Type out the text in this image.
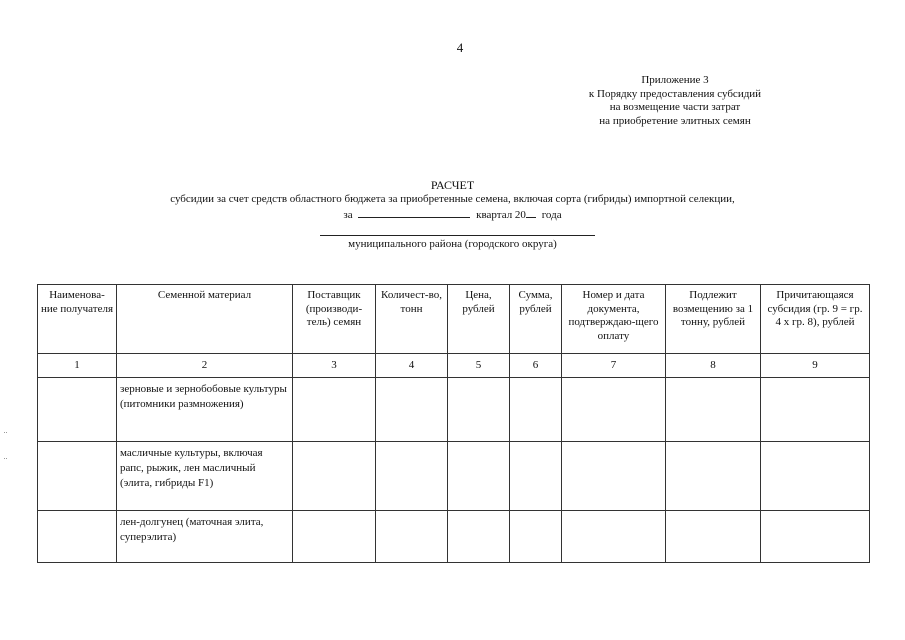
4
Приложение 3
к Порядку предоставления субсидий
на возмещение части затрат
на приобретение элитных семян
РАСЧЕТ
субсидии за счет средств областного бюджета за приобретенные семена, включая сорта (гибриды) импортной селекции,
за	квартал 20 года
муниципального района (городского округа)
Наименова-ние получателя	Семенной материал	Поставщик (производи-тель) семян	Количест-во, тонн	Цена, рублей	Сумма, рублей	Номер и дата документа, подтверждаю-щего оплату	Подлежит возмещению за 1 тонну, рублей	Причитающаяся субсидия (гр. 9 = гр. 4 х гр. 8), рублей
1	2	3	4	5	6	7	8	9
	зерновые и зернобобовые культуры (питомники размножения)							
	масличные культуры, включая рапс, рыжик, лен масличный (элита, гибриды F1)							
	лен-долгунец (маточная элита, суперэлита)							
